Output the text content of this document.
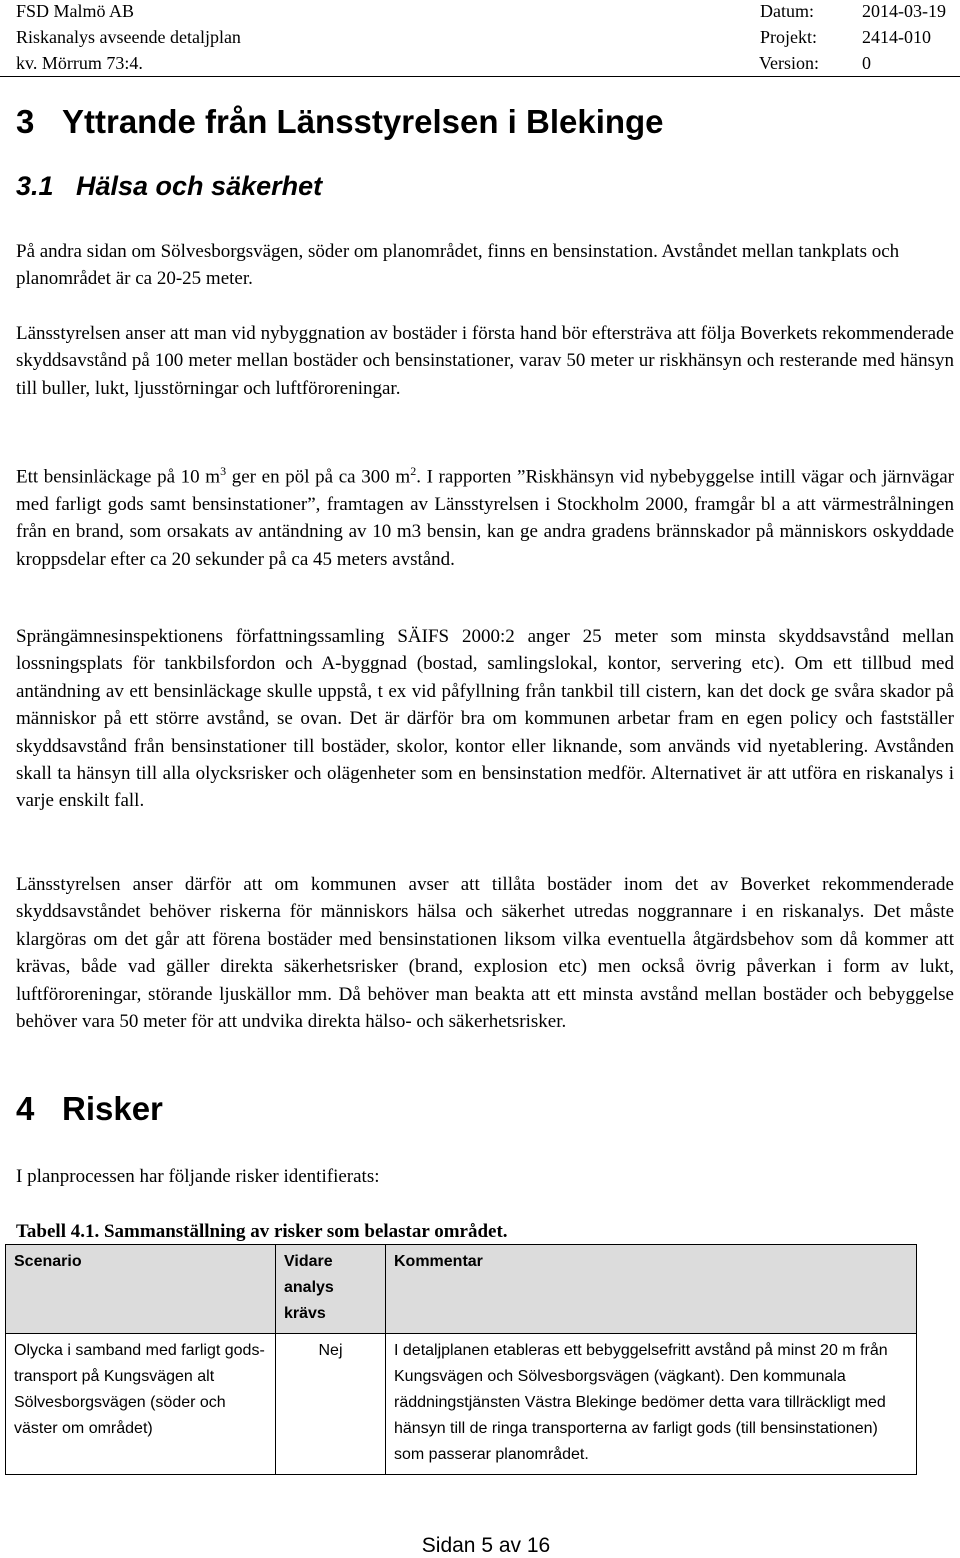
FSD Malmö AB
Riskanalys avseende detaljplan
kv. Mörrum 73:4.
Datum:	2014-03-19
Projekt:	2414-010
Version:	0
3 Yttrande från Länsstyrelsen i Blekinge
3.1 Hälsa och säkerhet

På andra sidan om Sölvesborgsvägen, söder om planområdet, finns en bensinstation. Avståndet mellan tankplats och planområdet är ca 20-25 meter.

Länsstyrelsen anser att man vid nybyggnation av bostäder i första hand bör eftersträva att följa Boverkets rekommenderade skyddsavstånd på 100 meter mellan bostäder och bensinstationer, varav 50 meter ur riskhänsyn och resterande med hänsyn till buller, lukt, ljusstörningar och luftföroreningar.

Ett bensinläckage på 10 $m^3$ ger en pöl på ca 300 $m^2$. I rapporten ”Riskhänsyn vid nybebyggelse intill vägar och järnvägar med farligt gods samt bensinstationer”, framtagen av Länsstyrelsen i Stockholm 2000, framgår bl a att värmestrålningen från en brand, som orsakats av antändning av 10 m3 bensin, kan ge andra gradens brännskador på människors oskyddade kroppsdelar efter ca 20 sekunder på ca 45 meters avstånd.

Sprängämnesinspektionens författningssamling SÄIFS 2000:2 anger 25 meter som minsta skyddsavstånd mellan lossningsplats för tankbilsfordon och A-byggnad (bostad, samlingslokal, kontor, servering etc). Om ett tillbud med antändning av ett bensinläckage skulle uppstå, t ex vid påfyllning från tankbil till cistern, kan det dock ge svåra skador på människor på ett större avstånd, se ovan. Det är därför bra om kommunen arbetar fram en egen policy och fastställer skyddsavstånd från bensinstationer till bostäder, skolor, kontor eller liknande, som används vid nyetablering. Avstånden skall ta hänsyn till alla olycksrisker och olägenheter som en bensinstation medför. Alternativet är att utföra en riskanalys i varje enskilt fall.

Länsstyrelsen anser därför att om kommunen avser att tillåta bostäder inom det av Boverket rekommenderade skyddsavståndet behöver riskerna för människors hälsa och säkerhet utredas noggrannare i en riskanalys. Det måste klargöras om det går att förena bostäder med bensinstationen liksom vilka eventuella åtgärdsbehov som då kommer att krävas, både vad gäller direkta säkerhetsrisker (brand, explosion etc) men också övrig påverkan i form av lukt, luftföroreningar, störande ljuskällor mm. Då behöver man beakta att ett minsta avstånd mellan bostäder och bebyggelse behöver vara 50 meter för att undvika direkta hälso- och säkerhetsrisker.

4 Risker

I planprocessen har följande risker identifierats:

Tabell 4.1. Sammanställning av risker som belastar området.
Scenario	Vidare analys krävs	Kommentar
Olycka i samband med farligt gods-transport på Kungsvägen alt Sölvesborgsvägen (söder och väster om området)	Nej	I detaljplanen etableras ett bebyggelsefritt avstånd på minst 20 m från Kungsvägen och Sölvesborgsvägen (vägkant). Den kommunala räddningstjänsten Västra Blekinge bedömer detta vara tillräckligt med hänsyn till de ringa transporterna av farligt gods (till bensinstationen) som passerar planområdet.
Sidan 5 av 16
